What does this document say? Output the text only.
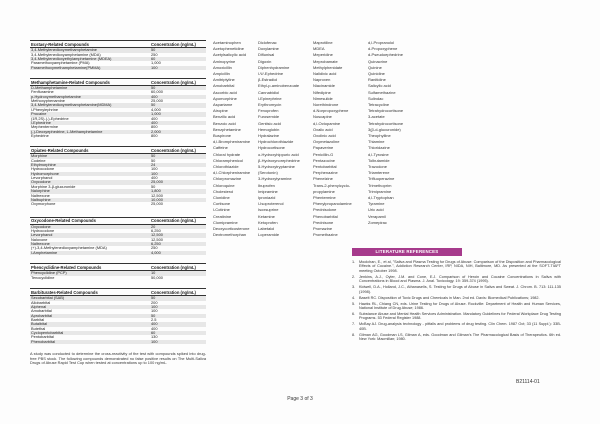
Ecstasy-Related Compounds	Concentration (ng/mL)
3,4-Methylenedioxymethamphetamine	50
3,4-Methylenedioxyamphetamine (MDA)	250
3,4-Methylenedioxyethylamphetamine (MDEA)	60
Paramethoxyamphetamine (PMA)	1,000
Paramethoxymethamphetamine(PMMA)	100
Methamphetamine-Related Compounds	Concentration (ng/mL)
D-Methamphetamine	50
Fenfluramine	60,000
p-Hydroxymethamphetamine	400
Methoxyphenamine	25,000
3,4-Methylenedioxymethamphetamine(MDMA)	50
l-Phenylephrine	4,000
Procaine	1,000
(1R,2S)-(-)-Ephedrine	400
l-Ephedrine	400
Mephentermine	800
(-)-Deoxyephedrine, L-Methamphetamine	2,000
Ephedrine	800
Opiates-Related Compounds	Concentration (ng/mL)
Morphine	50
Codeine	50
Ethylmorphine	24
Hydrocodone	100
Hydromorphone	100
Levorphanol	400
Oxycodone	25,000
Morphine 3-β-glucuronide	50
Nalorphine	1,800
Naltrexone	12,500
Nalbuphine	10,000
Oxymorphone	25,000
Oxycodone-Related Compounds	Concentration (ng/mL)
Oxycodone	20
Hydrocodone	6,250
Levorphanol	12,500
Naloxone	12,500
Naltrexone	6,250
(+)-3,4-Methylenedioxyamphetamine (MDA)	250
l-Amphetamine	4,000
Phencyclidine-Related Compounds	Concentration (ng/mL)
Phencyclidine (PCP)	10
Tenocyclidine	50,000
Barbiturates-Related Compounds	Concentration (ng/mL)
Secobarbital (SAB)	50
Allobarbital	200
Alphenal	100
Amobarbital	100
Aprobarbital	50
Barbital	2.5
Butalbital	400
Butethal	400
Cyclopentobarbital	60
Pentobarbital	130
Phenobarbital	100
A study was conducted to determine the cross-reactivity of the test with compounds spiked into drug-free PBS stock. The following compounds demonstrated no false positive results on The Multi-Saliva Drugs of Abuse Rapid Test Cup when tested at concentrations up to 100 ng/mL.
Acetaminophen
Acetophenetidine
Acetylsalicylic acid
Aminopyrine
Amoxicillin
Ampicillin
Amitriptyline
Amobarbital
Ascorbic acid
Apomorphine
Aspartame
Atropine
Benzilic acid
Benzoic acid
Benzphetamine
Buspirone
d,l-Brompheniramine
Caffeine
Chloral hydrate
Chloramphenicol
Chlorothiazide
d,l-Chlorpheniramine
Chlorpromazine
Chloroquine
Cholesterol
Clonidine
Cortisone
l-Cotinine
Creatinine
Clomipramine
Deoxycorticosterone
Dextromethorphan
Diclofenac
Doxylamine
Diflunisal
Digoxin
Diphenhydramine
l-Ψ-Ephedrine
β-Estradiol
Ethyl-p-aminobenzoate
Cannabidiol
l-Epinephrine
Erythromycin
Fenoprofen
Furosemide
Gentisic acid
Hemoglobin
Hydralazine
Hydrochlorothiazide
Hydrocortisone
o-Hydroxyhippuric acid
β-Hydroxynorephedrine
5-Hydroxytryptamine
(Serotonin)
3-Hydroxytyramine
Ibuprofen
Imipramine
Iproniazid
l-Isoproterenol
Isoxsuprine
Ketamine
Ketoprofen
Labetalol
Loperamide
Maprotiline
MDEA
Meperidine
Meprobamate
Methylphenidate
Nalidixic acid
Naproxen
Niacinamide
Nifedipine
Nimesulide
Norethindrone
d-Norpropoxyphene
Noscapine
d,l-Octopamine
Oxalic acid
Oxolinic acid
Oxymetazoline
Papaverine
Penicillin-G
Pentazocine
Pentobarbital
Perphenazine
Phenelzine
Trans-2-phenylcyclo-
propylamine
Phentermine
Phenylpropanolamine
Prednisolone
Phenobarbital
Prednisone
Promazine
Promethazine
d,l-Propranolol
d-Propoxyphene
d-Pseudoephedrine
Quinacrine
Quinine
Quinidine
Ranitidine
Salicylic acid
Sulfamethazine
Sulindac
Tetracycline
Tetrahydrocortisone
3-acetate
Tetrahydrocortisone
3(β-d-glucuronide)
Theophylline
Thiamine
Thioridazine
d,l-Tyrosine
Tolbutamide
Trazodone
Triamterene
Trifluoperazine
Trimethoprim
Trimipramine
d,l-Tryptophan
Tyramine
Uric acid
Verapamil
Zomepirac
LITERATURE REFERENCES
1. Moolchan, E., et al, "Saliva and Plasma Testing for Drugs of Abuse: Comparison of the Disposition and Pharmacological Effects of Cocaine.", Addiction Research Center, IRP, NIDA, NIH, Baltimore, MD. As presented at the SOFT-TIAFT meeting October 1998.
2. Jenkins, A.J., Oyler, J.M. and Cone, E.J. Comparison of Heroin and Cocaine Concentrations in Saliva with Concentrations in Blood and Plasma. J. Anal. Toxicology. 19: 359-374 (1995).
3. Kidwell, D.A., Holland, J.C., Athanaselis, S. Testing for Drugs of Abuse in Saliva and Sweat. J. Chrom. B. 713: 111-135 (1998).
4. Baselt RC. Disposition of Toxic Drugs and Chemicals in Man. 2nd ed. Davis: Biomedical Publications; 1982.
5. Hawks RL, Chiang CN, eds. Urine Testing for Drugs of Abuse. Rockville: Department of Health and Human Services, National Institute of Drug Abuse; 1986.
6. Substance Abuse and Mental Health Services Administration. Mandatory Guidelines for Federal Workplace Drug Testing Programs. 53 Federal Register 1988.
7. McBay AJ. Drug-analysis technology - pitfalls and problems of drug testing. Clin Chem. 1987 Oct; 33 (11 Suppl.): 33B-40B.
8. Gilman AG, Goodman LS, Gilman A, eds. Goodman and Gilman's The Pharmacological Basis of Therapeutics. 6th ed. New York: Macmillan; 1980.
B21114-01
Page 3 of 3
